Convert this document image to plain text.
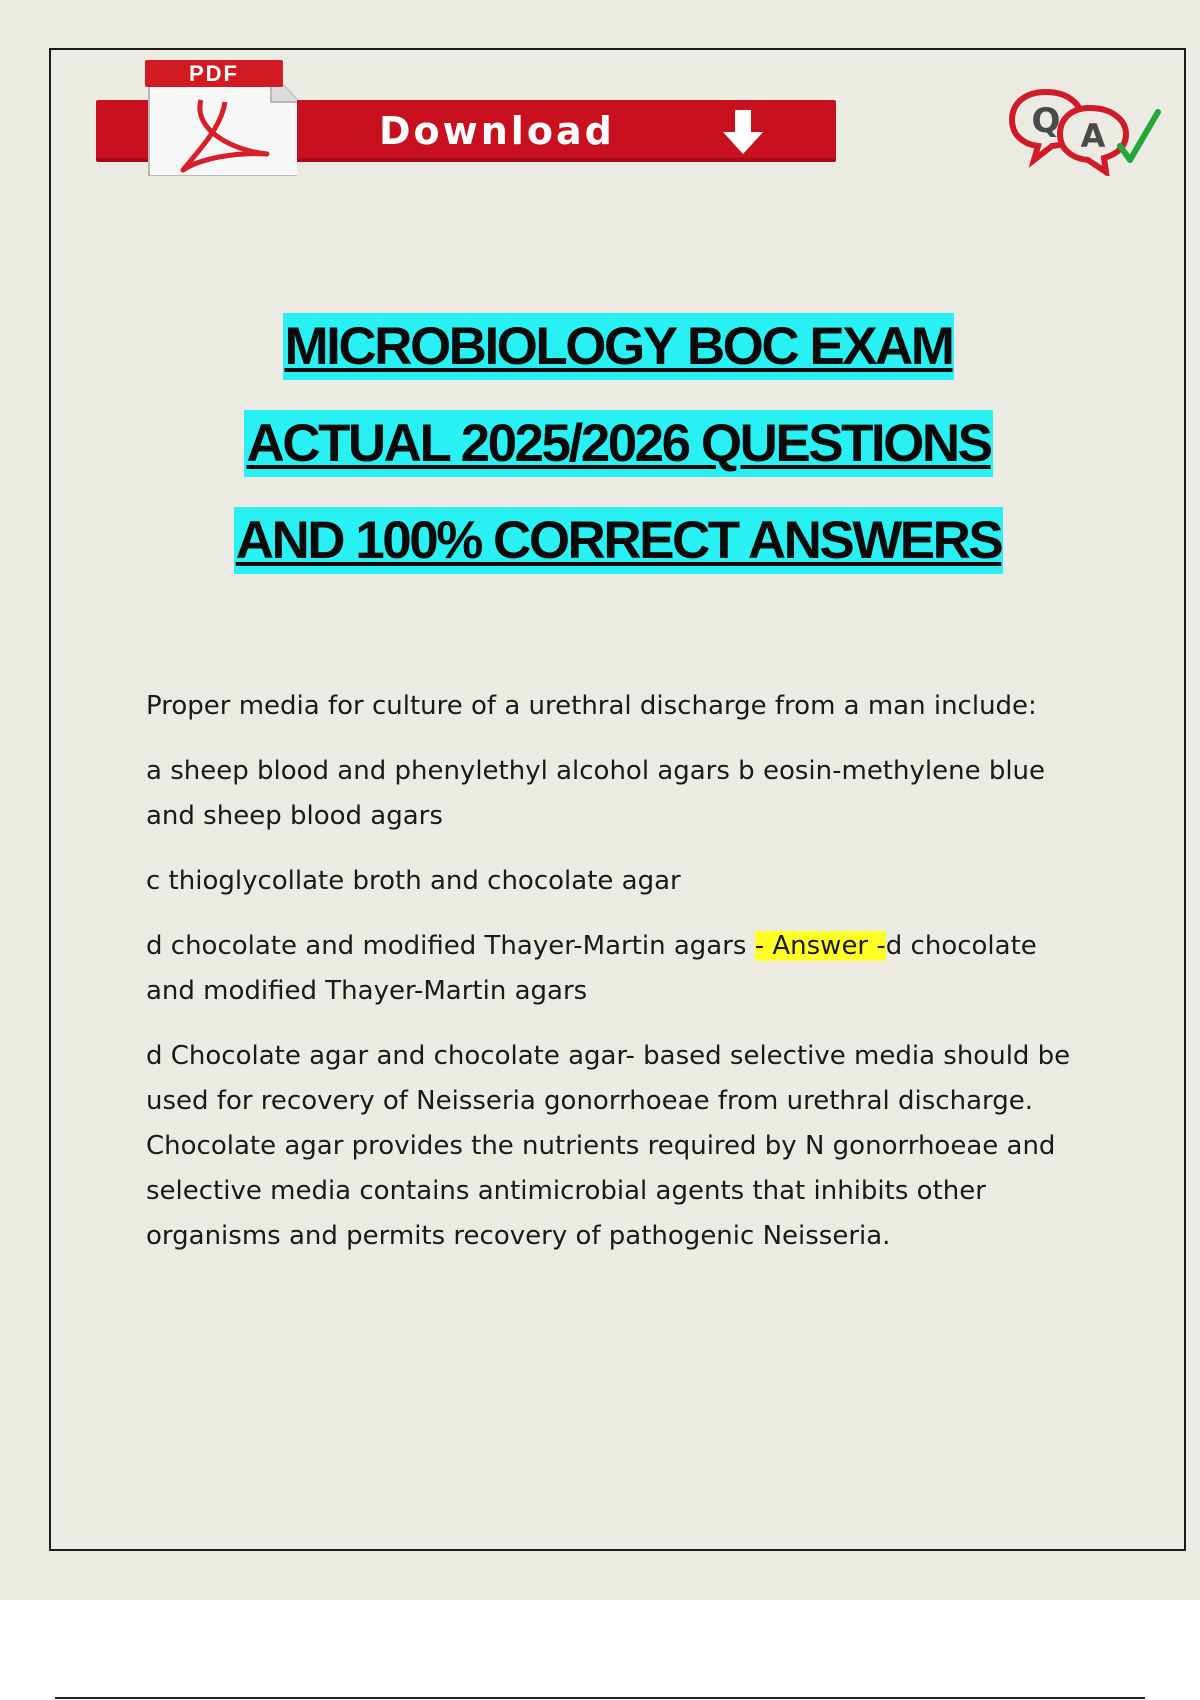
PDF
Download	Q A
MICROBIOLOGY BOC EXAM
ACTUAL 2025/2026 QUESTIONS
AND 100% CORRECT ANSWERS

Proper media for culture of a urethral discharge from a man include:

a sheep blood and phenylethyl alcohol agars b eosin-methylene blue and sheep blood agars

c thioglycollate broth and chocolate agar

d chocolate and modified Thayer-Martin agars - Answer -d chocolate and modified Thayer-Martin agars

d Chocolate agar and chocolate agar- based selective media should be used for recovery of Neisseria gonorrhoeae from urethral discharge. Chocolate agar provides the nutrients required by N gonorrhoeae and selective media contains antimicrobial agents that inhibits other organisms and permits recovery of pathogenic Neisseria.
